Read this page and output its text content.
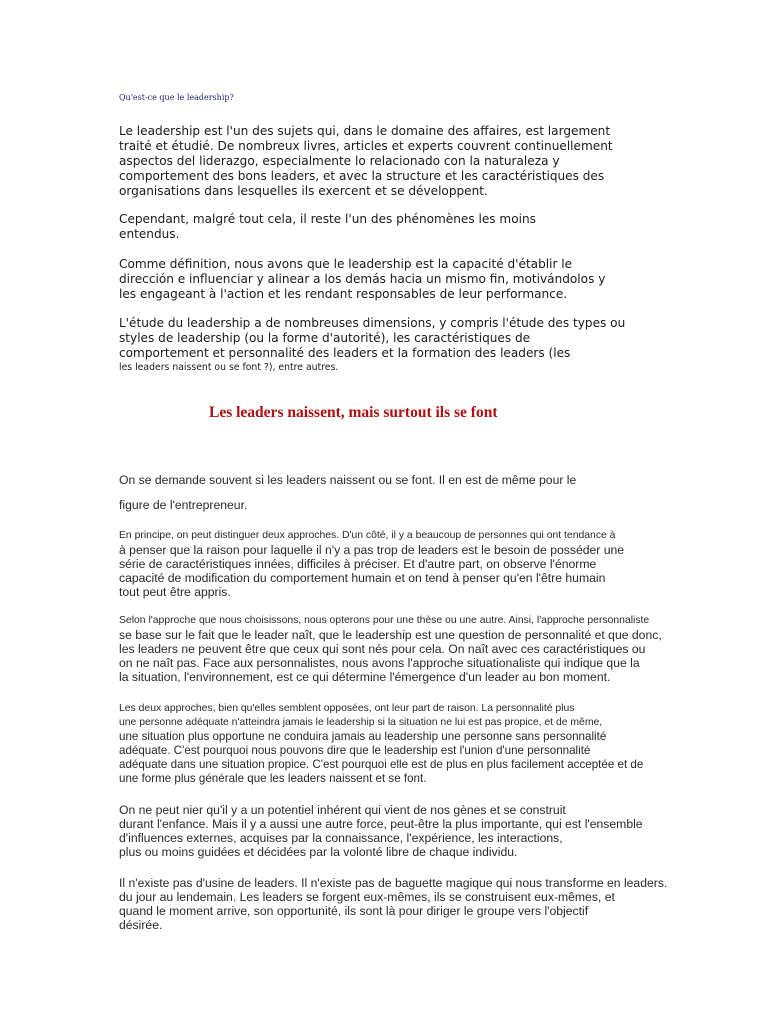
Qu'est-ce que le leadership?

Le leadership est l'un des sujets qui, dans le domaine des affaires, est largement
traité et étudié. De nombreux livres, articles et experts couvrent continuellement
aspectos del liderazgo, especialmente lo relacionado con la naturaleza y
comportement des bons leaders, et avec la structure et les caractéristiques des
organisations dans lesquelles ils exercent et se développent.
Cependant, malgré tout cela, il reste l'un des phénomènes les moins
entendus.
Comme définition, nous avons que le leadership est la capacité d'établir le
dirección e influenciar y alinear a los demás hacia un mismo fin, motivándolos y
les engageant à l'action et les rendant responsables de leur performance.
L'étude du leadership a de nombreuses dimensions, y compris l'étude des types ou
styles de leadership (ou la forme d'autorité), les caractéristiques de
comportement et personnalité des leaders et la formation des leaders (les
les leaders naissent ou se font ?), entre autres.
Les leaders naissent, mais surtout ils se font
On se demande souvent si les leaders naissent ou se font. Il en est de même pour le
figure de l'entrepreneur.
En principe, on peut distinguer deux approches. D'un côté, il y a beaucoup de personnes qui ont tendance à
à penser que la raison pour laquelle il n'y a pas trop de leaders est le besoin de posséder une
série de caractéristiques innées, difficiles à préciser. Et d'autre part, on observe l'énorme
capacité de modification du comportement humain et on tend à penser qu'en l'être humain
tout peut être appris.
Selon l'approche que nous choisissons, nous opterons pour une thèse ou une autre. Ainsi, l'approche personnaliste
se base sur le fait que le leader naît, que le leadership est une question de personnalité et que donc,
les leaders ne peuvent être que ceux qui sont nés pour cela. On naît avec ces caractéristiques ou
on ne naît pas. Face aux personnalistes, nous avons l'approche situationaliste qui indique que la
la situation, l'environnement, est ce qui détermine l'émergence d'un leader au bon moment.
Les deux approches, bien qu'elles semblent opposées, ont leur part de raison. La personnalité plus
une personne adéquate n'atteindra jamais le leadership si la situation ne lui est pas propice, et de même,
une situation plus opportune ne conduira jamais au leadership une personne sans personnalité
adéquate. C'est pourquoi nous pouvons dire que le leadership est l'union d'une personnalité
adéquate dans une situation propice. C'est pourquoi elle est de plus en plus facilement acceptée et de
une forme plus générale que les leaders naissent et se font.
On ne peut nier qu'il y a un potentiel inhérent qui vient de nos gènes et se construit
durant l'enfance. Mais il y a aussi une autre force, peut-être la plus importante, qui est l'ensemble
d'influences externes, acquises par la connaissance, l'expérience, les interactions,
plus ou moins guidées et décidées par la volonté libre de chaque individu.
Il n'existe pas d'usine de leaders. Il n'existe pas de baguette magique qui nous transforme en leaders.
du jour au lendemain. Les leaders se forgent eux-mêmes, ils se construisent eux-mêmes, et
quand le moment arrive, son opportunité, ils sont là pour diriger le groupe vers l'objectif
désirée.
